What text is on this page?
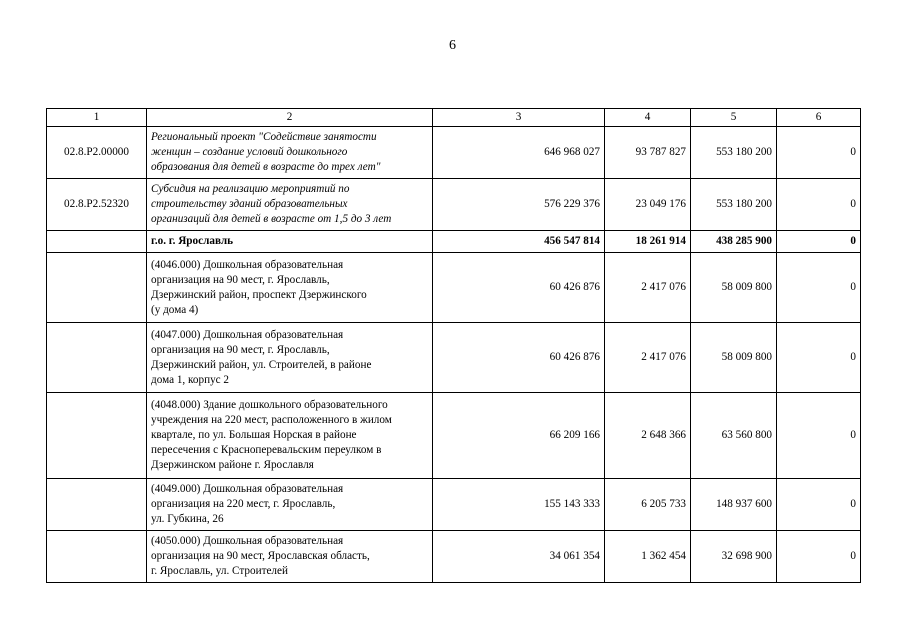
6
1	2	3	4	5	6
02.8.Р2.00000	Региональный проект "Содействие занятости
женщин – создание условий дошкольного
образования для детей в возрасте до трех лет"	646 968 027	93 787 827	553 180 200	0
02.8.Р2.52320	Субсидия на реализацию мероприятий по
строительству зданий образовательных
организаций для детей в возрасте от 1,5 до 3 лет	576 229 376	23 049 176	553 180 200	0

	г.о. г. Ярославль	456 547 814	18 261 914	438 285 900	0

	(4046.000) Дошкольная образовательная
организация на 90 мест, г. Ярославль,
Дзержинский район, проспект Дзержинского
(у дома 4)	60 426 876	2 417 076	58 009 800	0

	(4047.000) Дошкольная образовательная
организация на 90 мест, г. Ярославль,
Дзержинский район, ул. Строителей, в районе
дома 1, корпус 2	60 426 876	2 417 076	58 009 800	0

	(4048.000) Здание дошкольного образовательного
учреждения на 220 мест, расположенного в жилом
квартале, по ул. Большая Норская в районе
пересечения с Красноперевальским переулком в
Дзержинском районе г. Ярославля	66 209 166	2 648 366	63 560 800	0

	(4049.000) Дошкольная образовательная
организация на 220 мест, г. Ярославль,
ул. Губкина, 26	155 143 333	6 205 733	148 937 600	0

	(4050.000) Дошкольная образовательная
организация на 90 мест, Ярославская область,
г. Ярославль, ул. Строителей	34 061 354	1 362 454	32 698 900	0
